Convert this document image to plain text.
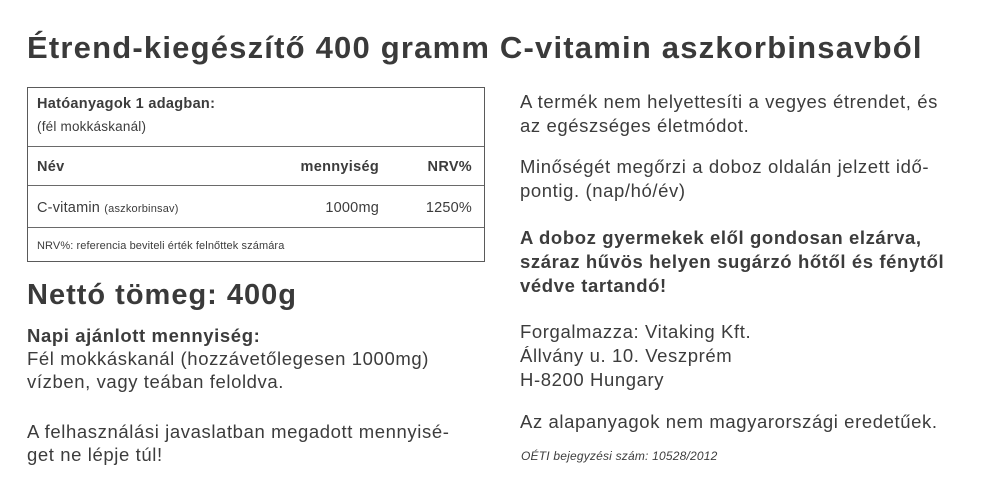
Étrend-kiegészítő 400 gramm C-vitamin aszkorbinsavból
Hatóanyagok 1 adagban:
(fél mokkáskanál)
Név	mennyiség	NRV%
C-vitamin (aszkorbinsav)	1000mg	1250%
NRV%: referencia beviteli érték felnőttek számára
Nettó tömeg: 400g
Napi ajánlott mennyiség:
Fél mokkáskanál (hozzávetőlegesen 1000mg)
vízben, vagy teában feloldva.
A felhasználási javaslatban megadott mennyisé-
get ne lépje túl!
A termék nem helyettesíti a vegyes étrendet, és
az egészséges életmódot.
Minőségét megőrzi a doboz oldalán jelzett idő-
pontig. (nap/hó/év)
A doboz gyermekek elől gondosan elzárva,
száraz hűvös helyen sugárzó hőtől és fénytől
védve tartandó!
Forgalmazza: Vitaking Kft.
Állvány u. 10. Veszprém
H-8200 Hungary
Az alapanyagok nem magyarországi eredetűek.
OÉTI bejegyzési szám: 10528/2012
